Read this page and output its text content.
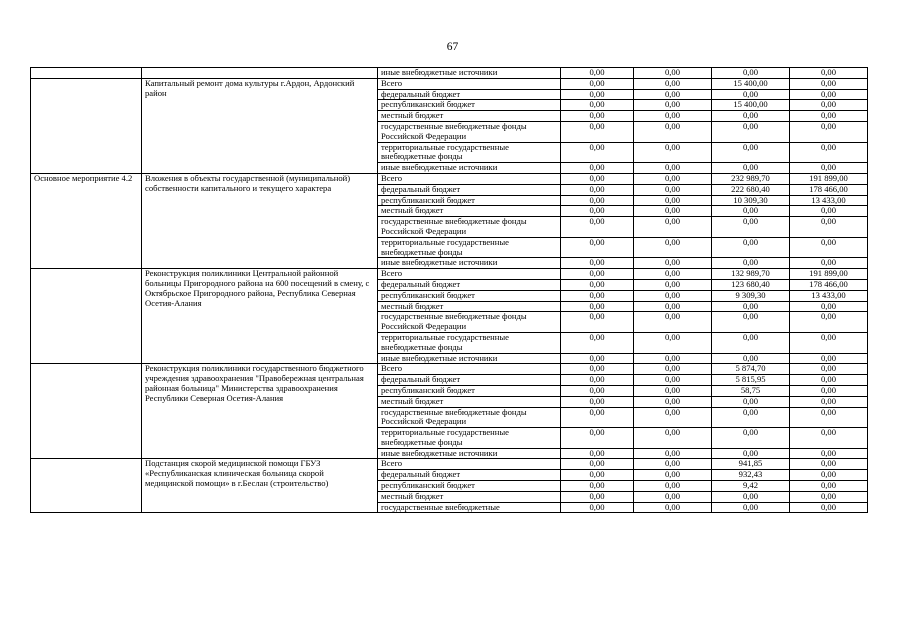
67
		иные внебюджетные источники	0,00	0,00	0,00	0,00
	Капитальный ремонт дома культуры г.Ардон, Ардонский район	Всего	0,00	0,00	15 400,00	0,00
		федеральный бюджет	0,00	0,00	0,00	0,00
		республиканский бюджет	0,00	0,00	15 400,00	0,00
		местный бюджет	0,00	0,00	0,00	0,00
		государственные внебюджетные фонды Российской Федерации	0,00	0,00	0,00	0,00
		территориальные государственные внебюджетные фонды	0,00	0,00	0,00	0,00
		иные внебюджетные источники	0,00	0,00	0,00	0,00
Основное мероприятие 4.2	Вложения в объекты государственной (муниципальной) собственности капитального и текущего характера	Всего	0,00	0,00	232 989,70	191 899,00
		федеральный бюджет	0,00	0,00	222 680,40	178 466,00
		республиканский бюджет	0,00	0,00	10 309,30	13 433,00
		местный бюджет	0,00	0,00	0,00	0,00
		государственные внебюджетные фонды Российской Федерации	0,00	0,00	0,00	0,00
		территориальные государственные внебюджетные фонды	0,00	0,00	0,00	0,00
		иные внебюджетные источники	0,00	0,00	0,00	0,00
	Реконструкция поликлиники Центральной районной больницы Пригородного района на 600 посещений в смену, с Октябрьское Пригородного района, Республика Северная Осетия-Алания	Всего	0,00	0,00	132 989,70	191 899,00
		федеральный бюджет	0,00	0,00	123 680,40	178 466,00
		республиканский бюджет	0,00	0,00	9 309,30	13 433,00
		местный бюджет	0,00	0,00	0,00	0,00
		государственные внебюджетные фонды Российской Федерации	0,00	0,00	0,00	0,00
		территориальные государственные внебюджетные фонды	0,00	0,00	0,00	0,00
		иные внебюджетные источники	0,00	0,00	0,00	0,00
	Реконструкция поликлиники государственного бюджетного учреждения здравоохранения "Правобережная центральная районная больница" Министерства здравоохранения Республики Северная Осетия-Алания	Всего	0,00	0,00	5 874,70	0,00
		федеральный бюджет	0,00	0,00	5 815,95	0,00
		республиканский бюджет	0,00	0,00	58,75	0,00
		местный бюджет	0,00	0,00	0,00	0,00
		государственные внебюджетные фонды Российской Федерации	0,00	0,00	0,00	0,00
		территориальные государственные внебюджетные фонды	0,00	0,00	0,00	0,00
		иные внебюджетные источники	0,00	0,00	0,00	0,00
	Подстанция скорой медицинской помощи ГБУЗ «Республиканская клиническая больница скорой медицинской помощи» в г.Беслан (строительство)	Всего	0,00	0,00	941,85	0,00
		федеральный бюджет	0,00	0,00	932,43	0,00
		республиканский бюджет	0,00	0,00	9,42	0,00
		местный бюджет	0,00	0,00	0,00	0,00
		государственные внебюджетные	0,00	0,00	0,00	0,00
